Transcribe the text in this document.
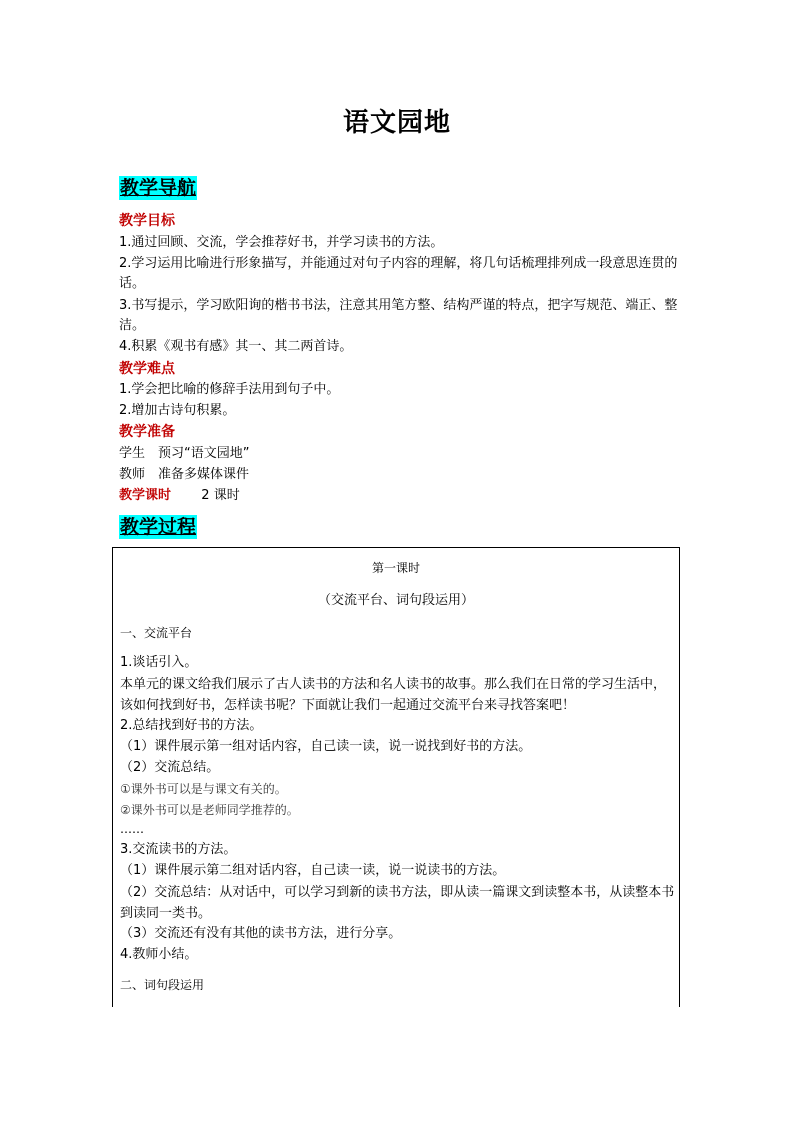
语文园地
教学导航
教学目标
1.通过回顾、交流，学会推荐好书，并学习读书的方法。
2.学习运用比喻进行形象描写，并能通过对句子内容的理解，将几句话梳理排列成一段意思连贯的话。
3.书写提示，学习欧阳询的楷书书法，注意其用笔方整、结构严谨的特点，把字写规范、端正、整洁。
4.积累《观书有感》其一、其二两首诗。
教学难点
1.学会把比喻的修辞手法用到句子中。
2.增加古诗句积累。
教学准备
学生　预习“语文园地”
教师　准备多媒体课件
教学课时 2 课时
教学过程
第一课时
（交流平台、词句段运用）
一、交流平台
1.谈话引入。
本单元的课文给我们展示了古人读书的方法和名人读书的故事。那么我们在日常的学习生活中，该如何找到好书，怎样读书呢？下面就让我们一起通过交流平台来寻找答案吧！
2.总结找到好书的方法。
（1）课件展示第一组对话内容，自己读一读，说一说找到好书的方法。
（2）交流总结。
①课外书可以是与课文有关的。
②课外书可以是老师同学推荐的。
……
3.交流读书的方法。
（1）课件展示第二组对话内容，自己读一读，说一说读书的方法。
（2）交流总结：从对话中，可以学习到新的读书方法，即从读一篇课文到读整本书，从读整本书到读同一类书。
（3）交流还有没有其他的读书方法，进行分享。
4.教师小结。
二、词句段运用
